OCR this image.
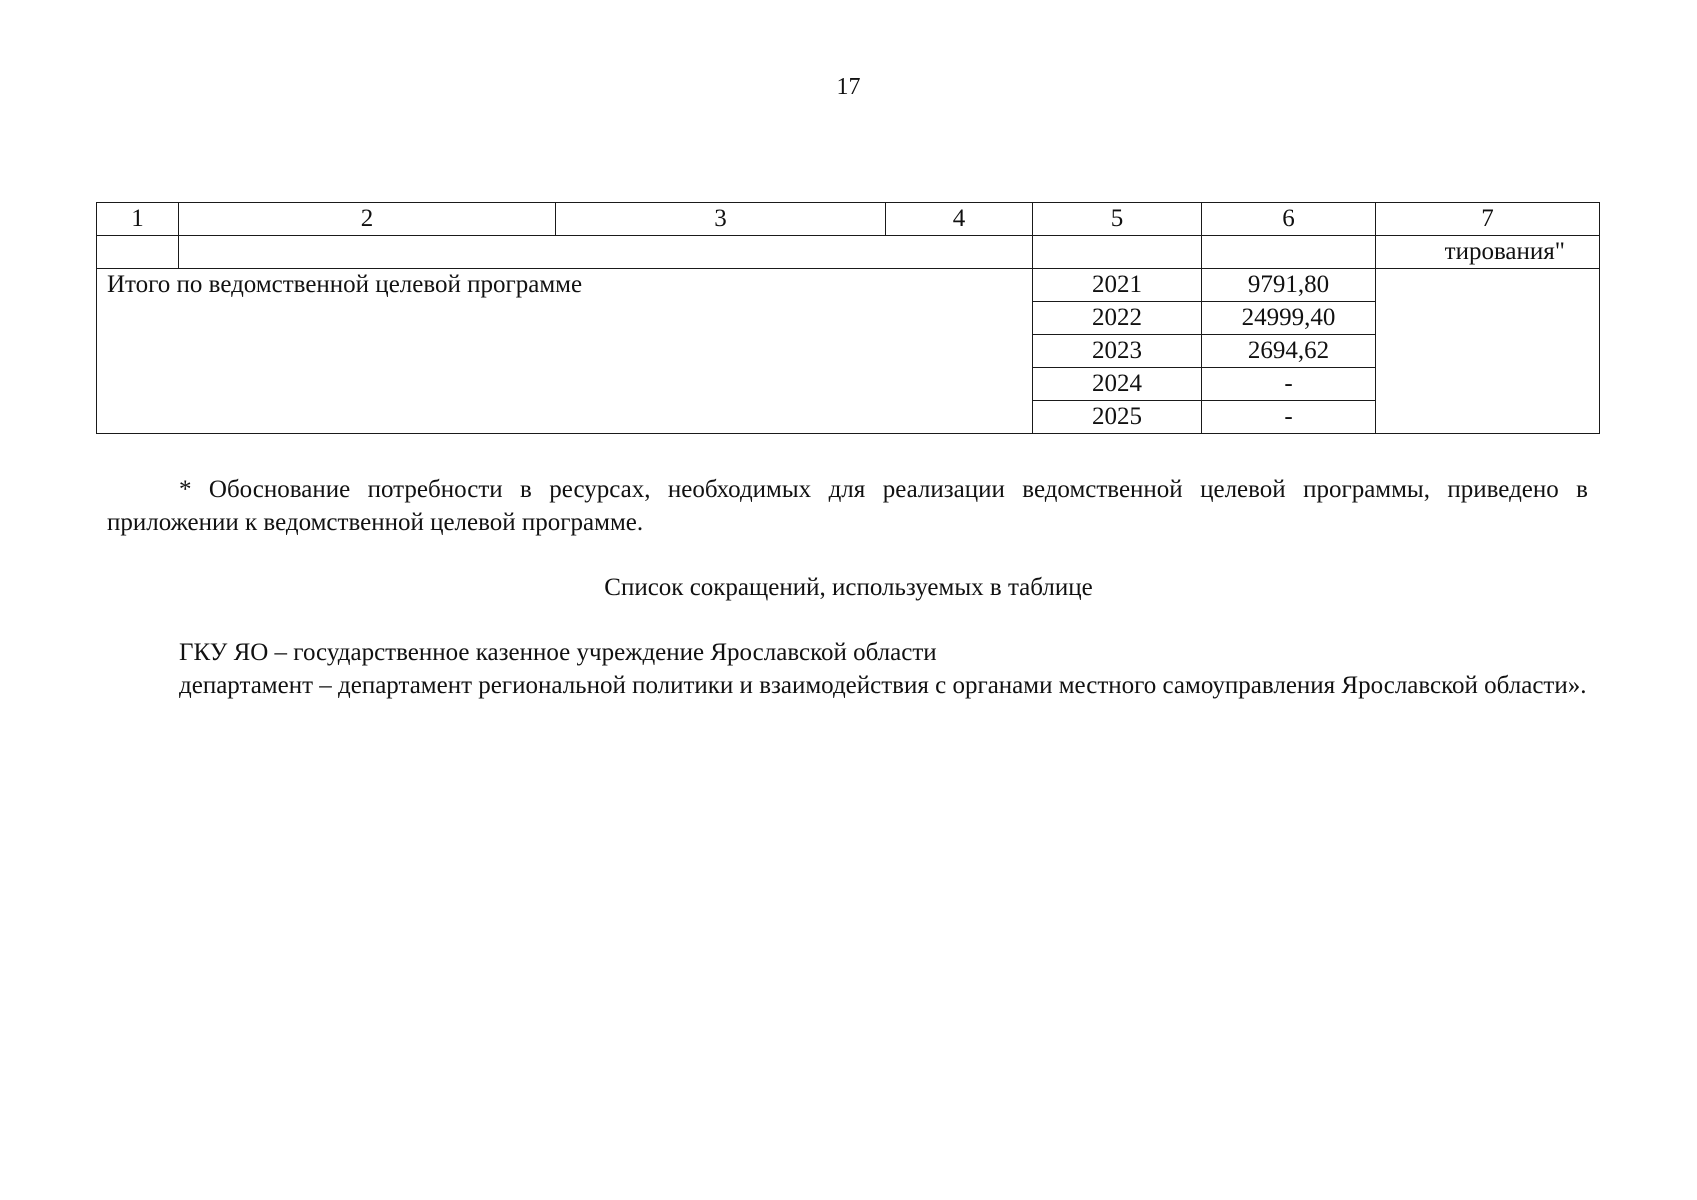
17
1	2	3	4	5	6	7
						тирования"
Итого по ведомственной целевой программе				2021	9791,80	
				2022	24999,40	
				2023	2694,62	
				2024	-	
				2025	-	

* Обоснование потребности в ресурсах, необходимых для реализации ведомственной целевой программы, приведено в приложении к ведомственной целевой программе.

Список сокращений, используемых в таблице

ГКУ ЯО – государственное казенное учреждение Ярославской области

департамент – департамент региональной политики и взаимодействия с органами местного самоуправления Ярославской области».
